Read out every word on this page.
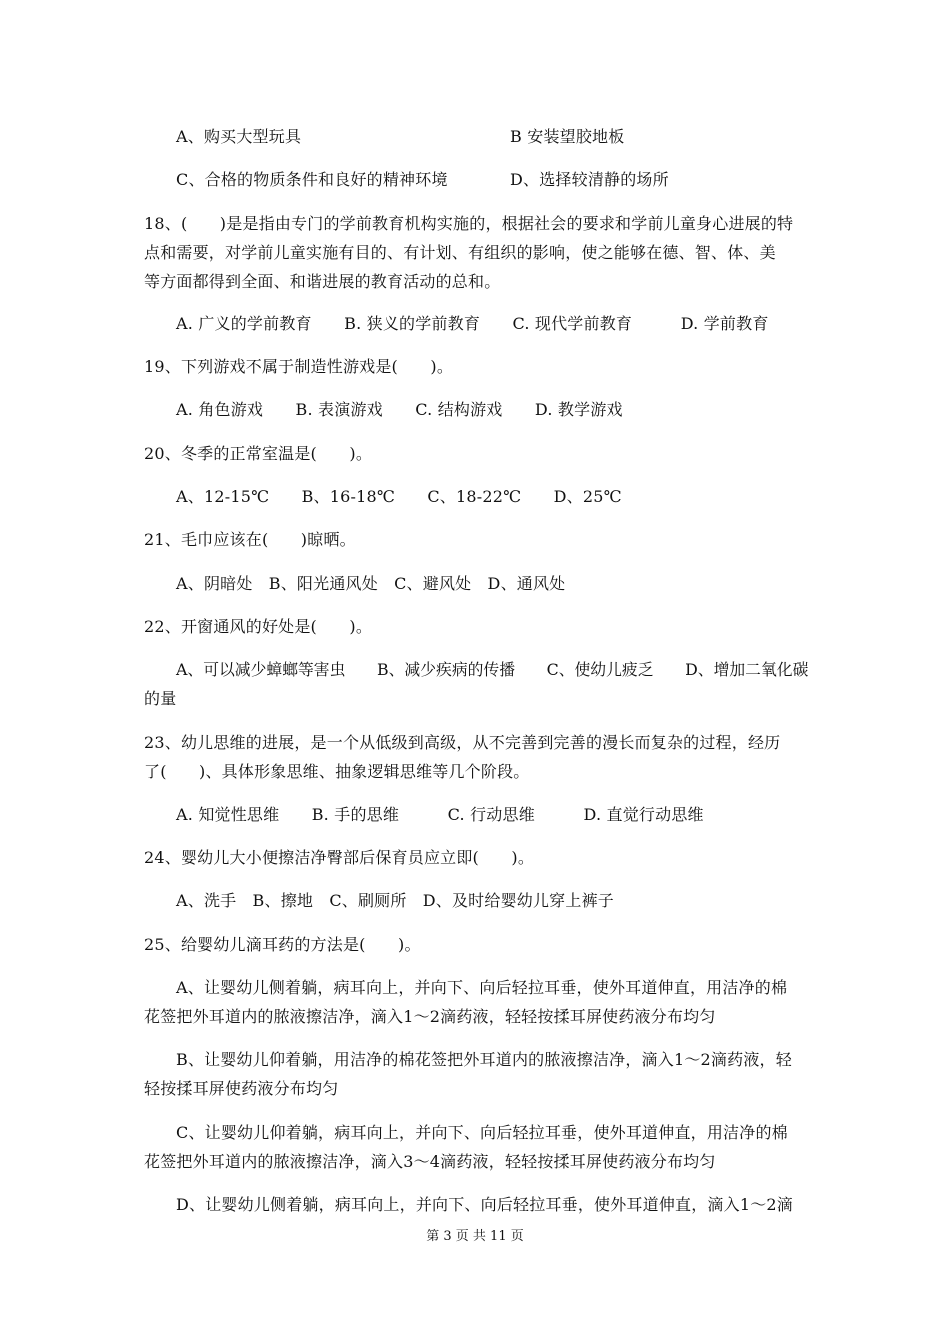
A、购买大型玩具	B 安装望胶地板
C、合格的物质条件和良好的精神环境	D、选择较清静的场所
18、(　　)是是指由专门的学前教育机构实施的，根据社会的要求和学前儿童身心进展的特
点和需要，对学前儿童实施有目的、有计划、有组织的影响，使之能够在德、智、体、美
等方面都得到全面、和谐进展的教育活动的总和。
A. 广义的学前教育　　B. 狭义的学前教育　　C. 现代学前教育　　　D. 学前教育
19、下列游戏不属于制造性游戏是(　　)。
A. 角色游戏　　B. 表演游戏　　C. 结构游戏　　D. 教学游戏
20、冬季的正常室温是(　　)。
A、12-15℃　　B、16-18℃　　C、18-22℃　　D、25℃
21、毛巾应该在(　　)晾晒。
A、阴暗处　B、阳光通风处　C、避风处　D、通风处
22、开窗通风的好处是(　　)。
A、可以减少蟑螂等害虫　　B、减少疾病的传播　　C、使幼儿疲乏　　D、增加二氧化碳
的量
23、幼儿思维的进展，是一个从低级到高级，从不完善到完善的漫长而复杂的过程，经历
了(　　)、具体形象思维、抽象逻辑思维等几个阶段。
A. 知觉性思维　　B. 手的思维　　　C. 行动思维　　　D. 直觉行动思维
24、婴幼儿大小便擦洁净臀部后保育员应立即(　　)。
A、洗手　B、擦地　C、刷厕所　D、及时给婴幼儿穿上裤子
25、给婴幼儿滴耳药的方法是(　　)。
A、让婴幼儿侧着躺，病耳向上，并向下、向后轻拉耳垂，使外耳道伸直，用洁净的棉
花签把外耳道内的脓液擦洁净，滴入1～2滴药液，轻轻按揉耳屏使药液分布均匀
B、让婴幼儿仰着躺，用洁净的棉花签把外耳道内的脓液擦洁净，滴入1～2滴药液，轻
轻按揉耳屏使药液分布均匀
C、让婴幼儿仰着躺，病耳向上，并向下、向后轻拉耳垂，使外耳道伸直，用洁净的棉
花签把外耳道内的脓液擦洁净，滴入3～4滴药液，轻轻按揉耳屏使药液分布均匀
D、让婴幼儿侧着躺，病耳向上，并向下、向后轻拉耳垂，使外耳道伸直，滴入1～2滴
第 3 页 共 11 页
